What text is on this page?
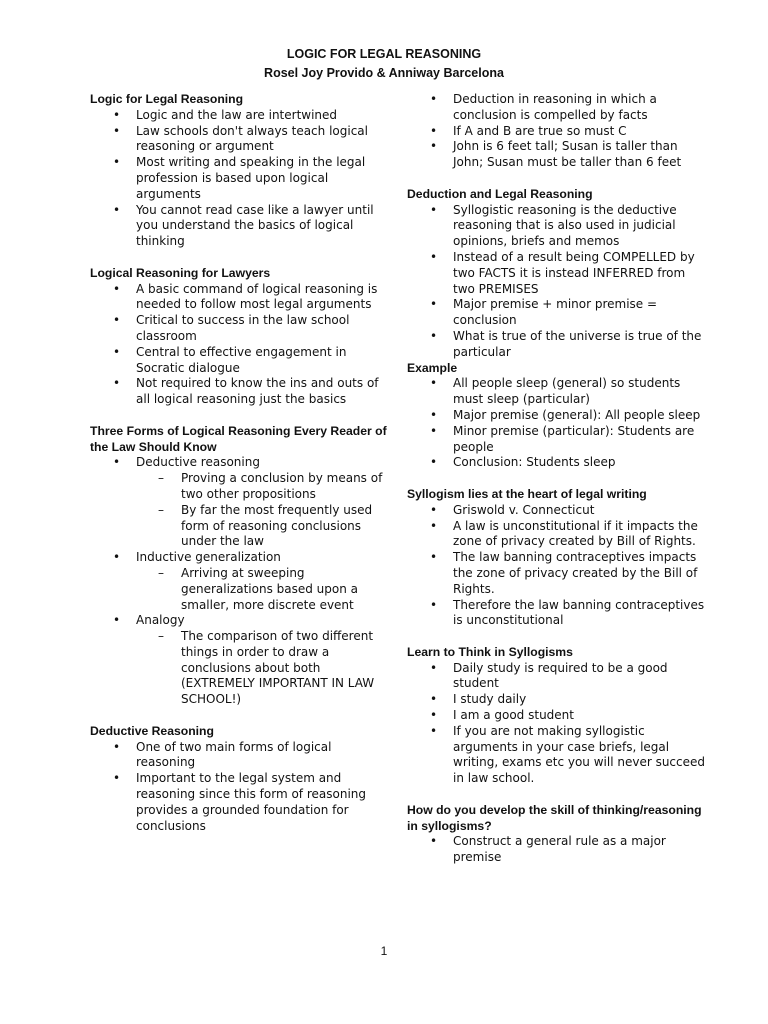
LOGIC FOR LEGAL REASONING
Rosel Joy Provido & Anniway Barcelona
Logic for Legal Reasoning
• Logic and the law are intertwined
• Law schools don't always teach logical reasoning or argument
• Most writing and speaking in the legal profession is based upon logical arguments
• You cannot read case like a lawyer until you understand the basics of logical thinking
Logical Reasoning for Lawyers
• A basic command of logical reasoning is needed to follow most legal arguments
• Critical to success in the law school classroom
• Central to effective engagement in Socratic dialogue
• Not required to know the ins and outs of all logical reasoning just the basics
Three Forms of Logical Reasoning Every Reader of the Law Should Know
• Deductive reasoning
– Proving a conclusion by means of two other propositions
– By far the most frequently used form of reasoning conclusions under the law
• Inductive generalization
– Arriving at sweeping generalizations based upon a smaller, more discrete event
• Analogy
– The comparison of two different things in order to draw a conclusions about both (EXTREMELY IMPORTANT IN LAW SCHOOL!)
Deductive Reasoning
• One of two main forms of logical reasoning
• Important to the legal system and reasoning since this form of reasoning provides a grounded foundation for conclusions
• Deduction in reasoning in which a conclusion is compelled by facts
• If A and B are true so must C
• John is 6 feet tall; Susan is taller than John; Susan must be taller than 6 feet
Deduction and Legal Reasoning
• Syllogistic reasoning is the deductive reasoning that is also used in judicial opinions, briefs and memos
• Instead of a result being COMPELLED by two FACTS it is instead INFERRED from two PREMISES
• Major premise + minor premise = conclusion
• What is true of the universe is true of the particular
Example
• All people sleep (general) so students must sleep (particular)
• Major premise (general): All people sleep
• Minor premise (particular): Students are people
• Conclusion: Students sleep
Syllogism lies at the heart of legal writing
• Griswold v. Connecticut
• A law is unconstitutional if it impacts the zone of privacy created by Bill of Rights.
• The law banning contraceptives impacts the zone of privacy created by the Bill of Rights.
• Therefore the law banning contraceptives is unconstitutional
Learn to Think in Syllogisms
• Daily study is required to be a good student
• I study daily
• I am a good student
• If you are not making syllogistic arguments in your case briefs, legal writing, exams etc you will never succeed in law school.
How do you develop the skill of thinking/reasoning in syllogisms?
• Construct a general rule as a major premise
1
